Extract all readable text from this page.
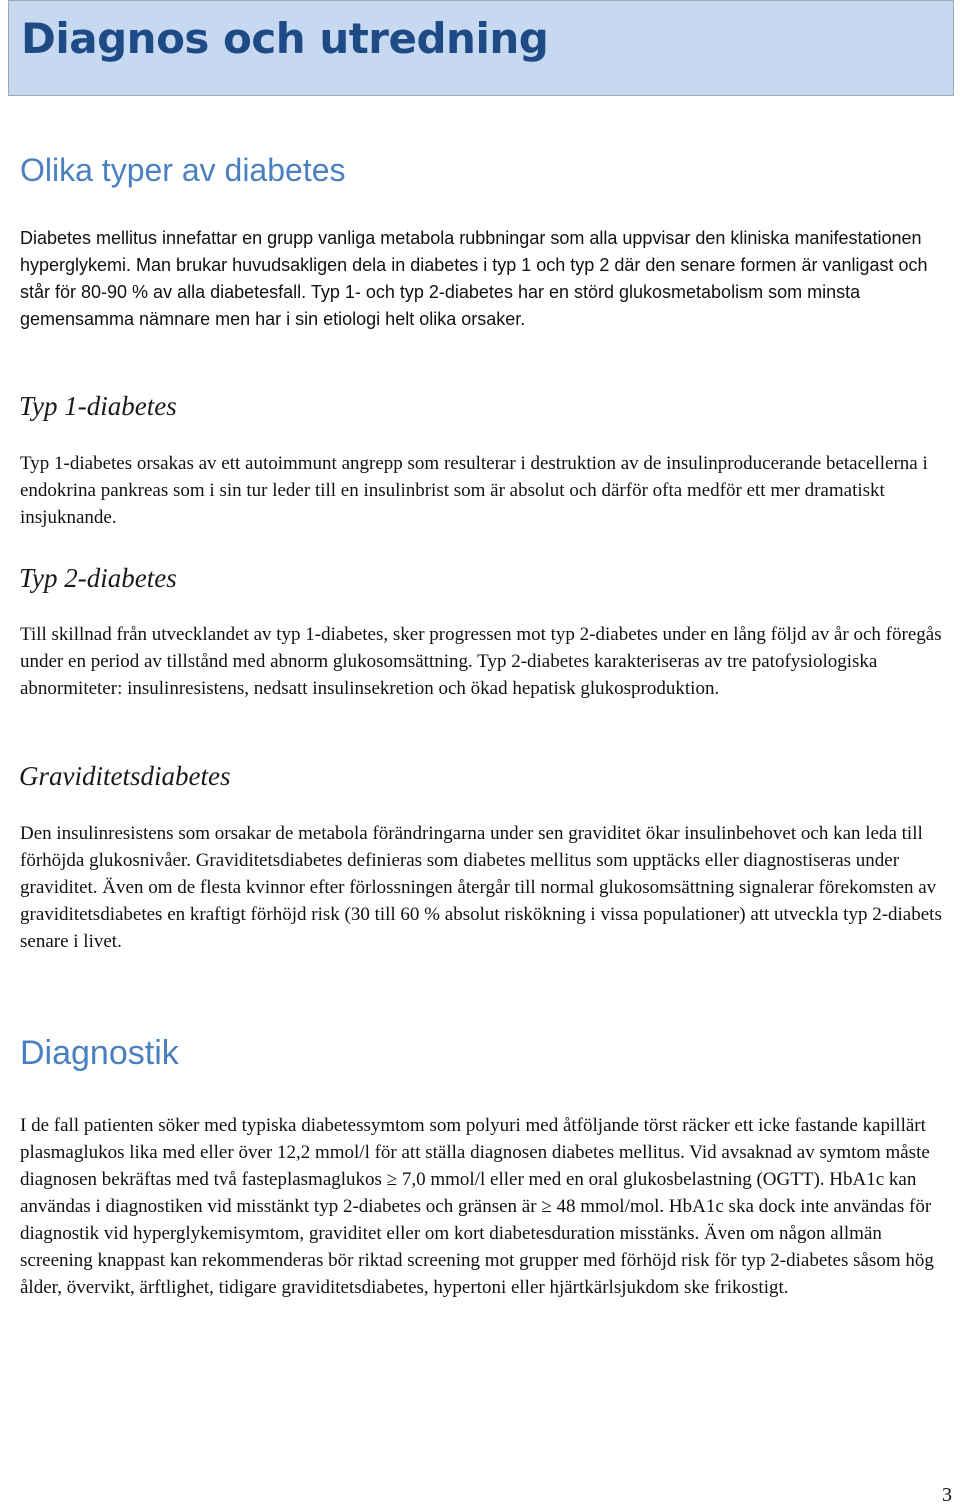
Diagnos och utredning
Olika typer av diabetes

Diabetes mellitus innefattar en grupp vanliga metabola rubbningar som alla uppvisar den kliniska manifestationen hyperglykemi. Man brukar huvudsakligen dela in diabetes i typ 1 och typ 2 där den senare formen är vanligast och står för 80-90 % av alla diabetesfall. Typ 1- och typ 2-diabetes har en störd glukosmetabolism som minsta gemensamma nämnare men har i sin etiologi helt olika orsaker.

Typ 1-diabetes

Typ 1-diabetes orsakas av ett autoimmunt angrepp som resulterar i destruktion av de insulinproducerande betacellerna i endokrina pankreas som i sin tur leder till en insulinbrist som är absolut och därför ofta medför ett mer dramatiskt insjuknande.

Typ 2-diabetes

Till skillnad från utvecklandet av typ 1-diabetes, sker progressen mot typ 2-diabetes under en lång följd av år och föregås under en period av tillstånd med abnorm glukosomsättning. Typ 2-diabetes karakteriseras av tre patofysiologiska abnormiteter: insulinresistens, nedsatt insulinsekretion och ökad hepatisk glukosproduktion.

Graviditetsdiabetes

Den insulinresistens som orsakar de metabola förändringarna under sen graviditet ökar insulinbehovet och kan leda till förhöjda glukosnivåer. Graviditetsdiabetes definieras som diabetes mellitus som upptäcks eller diagnostiseras under graviditet. Även om de flesta kvinnor efter förlossningen återgår till normal glukosomsättning signalerar förekomsten av graviditetsdiabetes en kraftigt förhöjd risk (30 till 60 % absolut riskökning i vissa populationer) att utveckla typ 2-diabets senare i livet.

Diagnostik

I de fall patienten söker med typiska diabetessymtom som polyuri med åtföljande törst räcker ett icke fastande kapillärt plasmaglukos lika med eller över 12,2 mmol/l för att ställa diagnosen diabetes mellitus. Vid avsaknad av symtom måste diagnosen bekräftas med två fasteplasmaglukos ≥ 7,0 mmol/l eller med en oral glukosbelastning (OGTT). HbA1c kan användas i diagnostiken vid misstänkt typ 2-diabetes och gränsen är ≥ 48 mmol/mol. HbA1c ska dock inte användas för diagnostik vid hyperglykemisymtom, graviditet eller om kort diabetesduration misstänks. Även om någon allmän screening knappast kan rekommenderas bör riktad screening mot grupper med förhöjd risk för typ 2-diabetes såsom hög ålder, övervikt, ärftlighet, tidigare graviditetsdiabetes, hypertoni eller hjärtkärlsjukdom ske frikostigt.

3
